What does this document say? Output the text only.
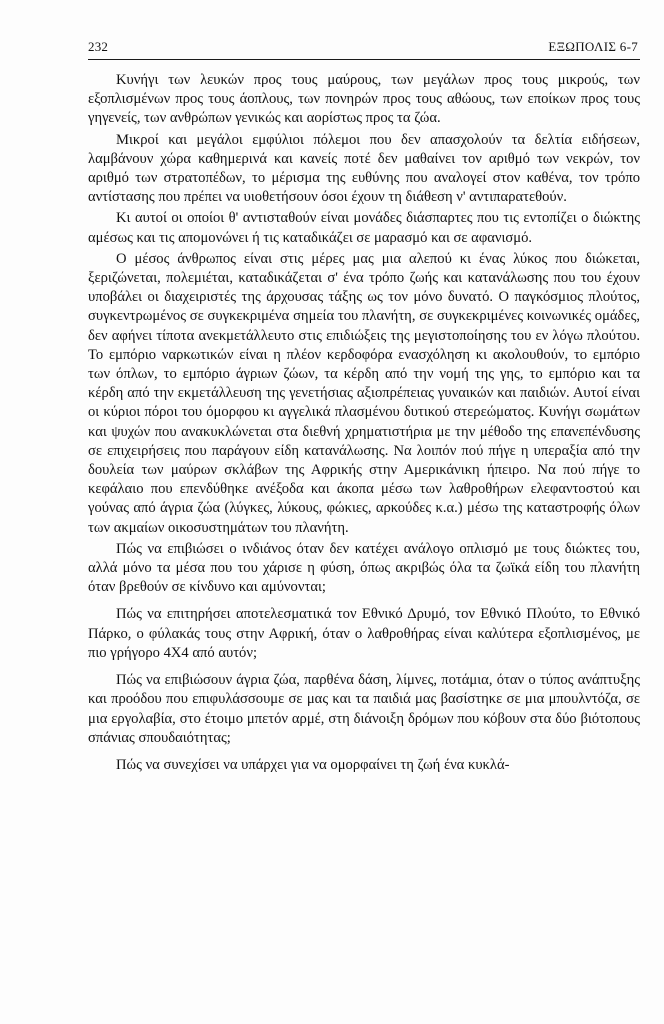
232	ΕΞΩΠΟΛΙΣ 6-7

Κυνήγι των λευκών προς τους μαύρους, των μεγάλων προς τους μικρούς, των εξοπλισμένων προς τους άοπλους, των πονηρών προς τους αθώους, των εποίκων προς τους γηγενείς, των ανθρώπων γενικώς και αορίστως προς τα ζώα.

Μικροί και μεγάλοι εμφύλιοι πόλεμοι που δεν απασχολούν τα δελτία ειδήσεων, λαμβάνουν χώρα καθημερινά και κανείς ποτέ δεν μαθαίνει τον αριθμό των νεκρών, τον αριθμό των στρατοπέδων, το μέρισμα της ευθύνης που αναλογεί στον καθένα, τον τρόπο αντίστασης που πρέπει να υιοθετήσουν όσοι έχουν τη διάθεση ν' αντιπαρατεθούν.

Κι αυτοί οι οποίοι θ' αντισταθούν είναι μονάδες διάσπαρτες που τις εντοπίζει ο διώκτης αμέσως και τις απομονώνει ή τις καταδικάζει σε μαρασμό και σε αφανισμό.

Ο μέσος άνθρωπος είναι στις μέρες μας μια αλεπού κι ένας λύκος που διώκεται, ξεριζώνεται, πολεμιέται, καταδικάζεται σ' ένα τρόπο ζωής και κατανάλωσης που του έχουν υποβάλει οι διαχειριστές της άρχουσας τάξης ως τον μόνο δυνατό. Ο παγκόσμιος πλούτος, συγκεντρωμένος σε συγκεκριμένα σημεία του πλανήτη, σε συγκεκριμένες κοινωνικές ομάδες, δεν αφήνει τίποτα ανεκμετάλλευτο στις επιδιώξεις της μεγιστοποίησης του εν λόγω πλούτου. Το εμπόριο ναρκωτικών είναι η πλέον κερδοφόρα ενασχόληση κι ακολουθούν, το εμπόριο των όπλων, το εμπόριο άγριων ζώων, τα κέρδη από την νομή της γης, το εμπόριο και τα κέρδη από την εκμετάλλευση της γενετήσιας αξιοπρέπειας γυναικών και παιδιών. Αυτοί είναι οι κύριοι πόροι του όμορφου κι αγγελικά πλασμένου δυτικού στερεώματος. Κυνήγι σωμάτων και ψυχών που ανακυκλώνεται στα διεθνή χρηματιστήρια με την μέθοδο της επανεπένδυσης σε επιχειρήσεις που παράγουν είδη κατανάλωσης. Να λοιπόν πού πήγε η υπεραξία από την δουλεία των μαύρων σκλάβων της Αφρικής στην Αμερικάνικη ήπειρο. Να πού πήγε το κεφάλαιο που επενδύθηκε ανέξοδα και άκοπα μέσω των λαθροθήρων ελεφαντοστού και γούνας από άγρια ζώα (λύγκες, λύκους, φώκιες, αρκούδες κ.α.) μέσω της καταστροφής όλων των ακμαίων οικοσυστημάτων του πλανήτη.

Πώς να επιβιώσει ο ινδιάνος όταν δεν κατέχει ανάλογο οπλισμό με τους διώκτες του, αλλά μόνο τα μέσα που του χάρισε η φύση, όπως ακριβώς όλα τα ζωϊκά είδη του πλανήτη όταν βρεθούν σε κίνδυνο και αμύνονται;

Πώς να επιτηρήσει αποτελεσματικά τον Εθνικό Δρυμό, τον Εθνικό Πλούτο, το Εθνικό Πάρκο, ο φύλακάς τους στην Αφρική, όταν ο λαθροθήρας είναι καλύτερα εξοπλισμένος, με πιο γρήγορο 4Χ4 από αυτόν;

Πώς να επιβιώσουν άγρια ζώα, παρθένα δάση, λίμνες, ποτάμια, όταν ο τύπος ανάπτυξης και προόδου που επιφυλάσσουμε σε μας και τα παιδιά μας βασίστηκε σε μια μπουλντόζα, σε μια εργολαβία, στο έτοιμο μπετόν αρμέ, στη διάνοιξη δρόμων που κόβουν στα δύο βιότοπους σπάνιας σπουδαιότητας;

Πώς να συνεχίσει να υπάρχει για να ομορφαίνει τη ζωή ένα κυκλά-
